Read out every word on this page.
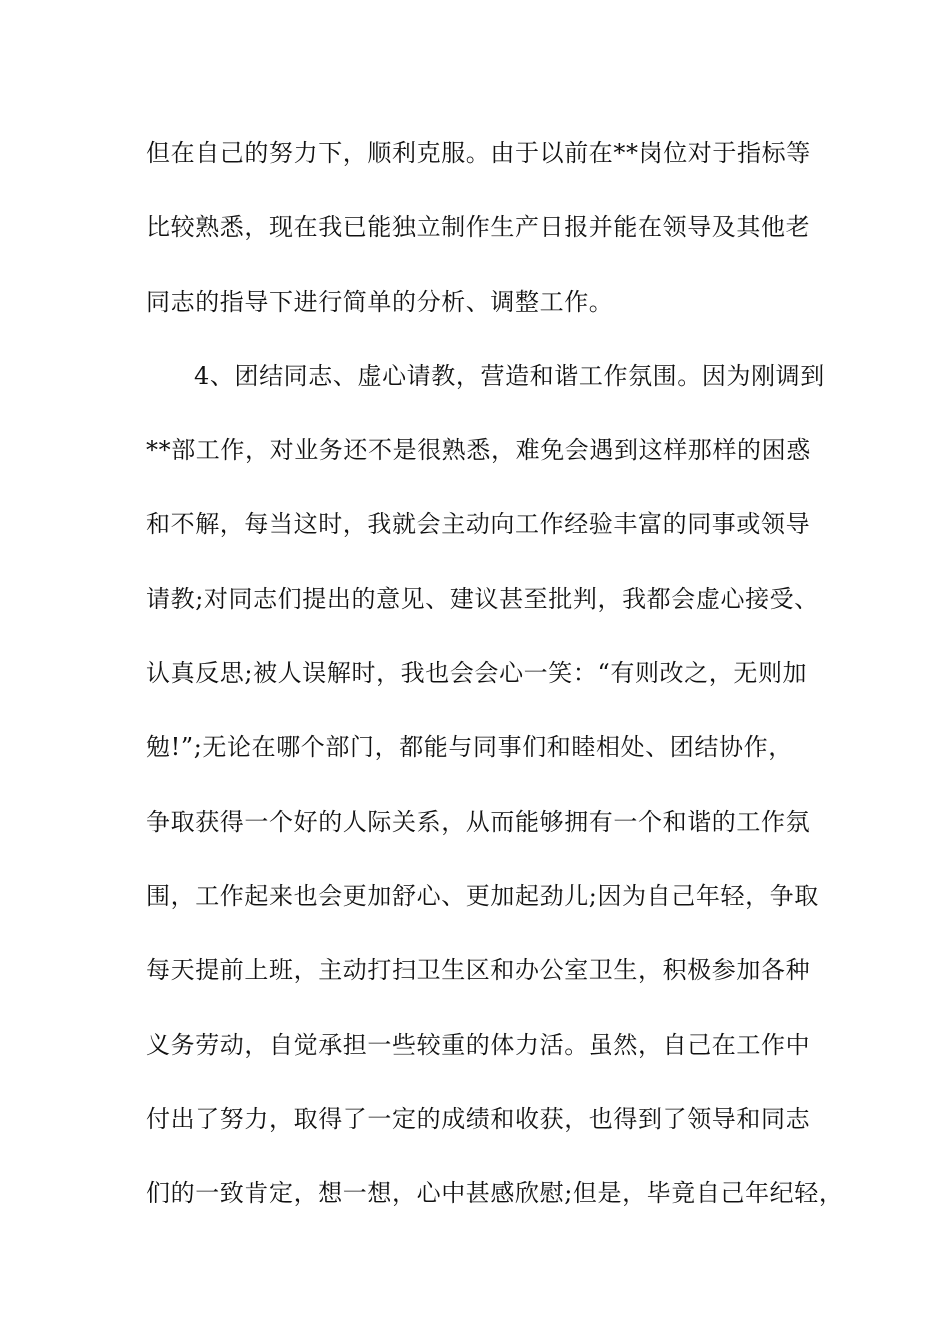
但在自己的努力下，顺利克服。由于以前在**岗位对于指标等
比较熟悉，现在我已能独立制作生产日报并能在领导及其他老
同志的指导下进行简单的分析、调整工作。
4、团结同志、虚心请教，营造和谐工作氛围。因为刚调到
**部工作，对业务还不是很熟悉，难免会遇到这样那样的困惑
和不解，每当这时，我就会主动向工作经验丰富的同事或领导
请教;对同志们提出的意见、建议甚至批判，我都会虚心接受、
认真反思;被人误解时，我也会会心一笑：“有则改之，无则加
勉!”;无论在哪个部门，都能与同事们和睦相处、团结协作，
争取获得一个好的人际关系，从而能够拥有一个和谐的工作氛
围，工作起来也会更加舒心、更加起劲儿;因为自己年轻，争取
每天提前上班，主动打扫卫生区和办公室卫生，积极参加各种
义务劳动，自觉承担一些较重的体力活。虽然，自己在工作中
付出了努力，取得了一定的成绩和收获，也得到了领导和同志
们的一致肯定，想一想，心中甚感欣慰;但是，毕竟自己年纪轻，
